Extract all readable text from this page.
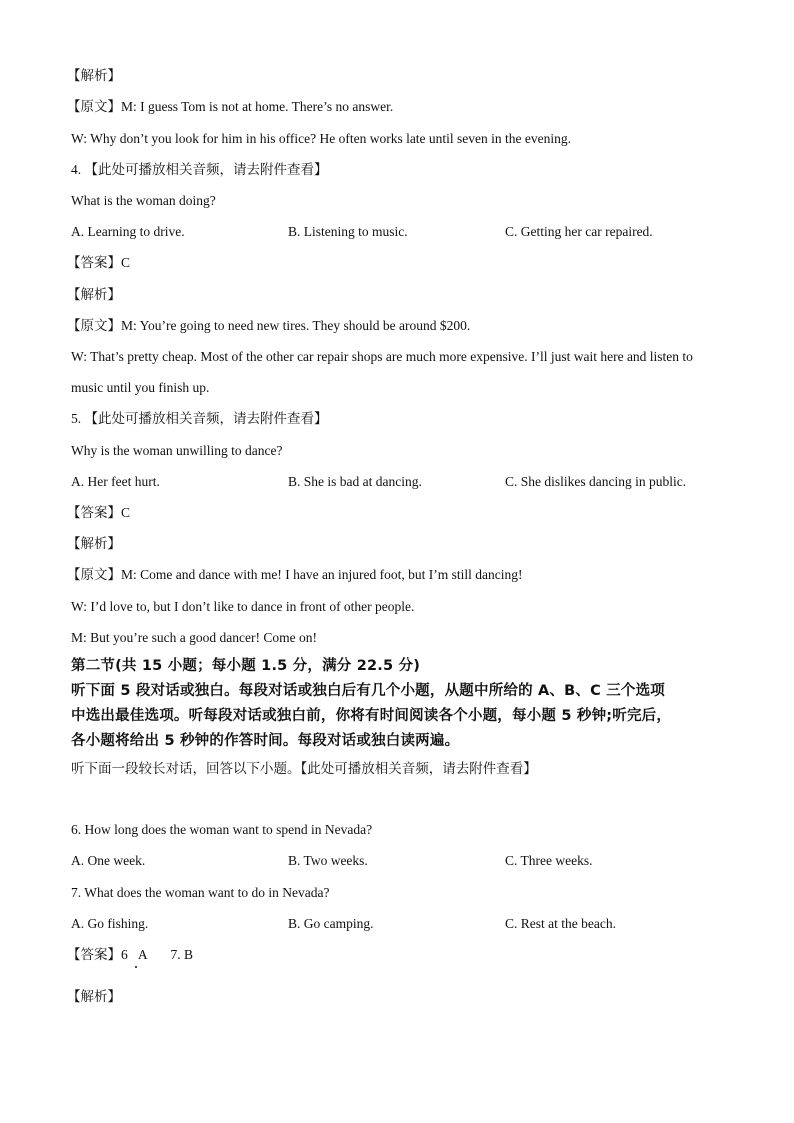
【解析】
【原文】M: I guess Tom is not at home. There’s no answer.
W: Why don’t you look for him in his office? He often works late until seven in the evening.
4. 【此处可播放相关音频，请去附件查看】
What is the woman doing?
A. Learning to drive.	B. Listening to music.	C. Getting her car repaired.
【答案】C
【解析】
【原文】M: You’re going to need new tires. They should be around $200.
W: That’s pretty cheap. Most of the other car repair shops are much more expensive. I’ll just wait here and listen to
music until you finish up.
5. 【此处可播放相关音频，请去附件查看】
Why is the woman unwilling to dance?
A. Her feet hurt.	B. She is bad at dancing.	C. She dislikes dancing in public.
【答案】C
【解析】
【原文】M: Come and dance with me! I have an injured foot, but I’m still dancing!
W: I’d love to, but I don’t like to dance in front of other people.
M: But you’re such a good dancer! Come on!
第二节(共 15 小题；每小题 1.5 分，满分 22.5 分)
听下面 5 段对话或独白。每段对话或独白后有几个小题，从题中所给的 A、B、C 三个选项
中选出最佳选项。听每段对话或独白前，你将有时间阅读各个小题，每小题 5 秒钟;听完后，
各小题将给出 5 秒钟的作答时间。每段对话或独白读两遍。
听下面一段较长对话，回答以下小题。【此处可播放相关音频，请去附件查看】
6. How long does the woman want to spend in Nevada?
A. One week.	B. Two weeks.	C. Three weeks.
7. What does the woman want to do in Nevada?
A. Go fishing.	B. Go camping.	C. Rest at the beach.
【答案】6   A       7. B
【解析】
